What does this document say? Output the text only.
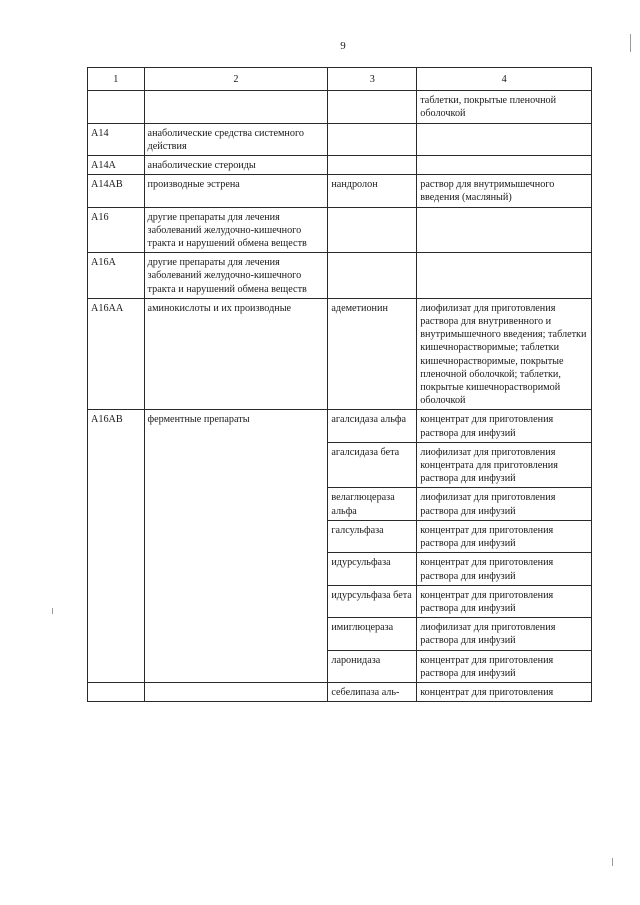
9
1	2	3	4
			таблетки, покрытые пленочной оболочкой
A14	анаболические средства системного действия		
A14A	анаболические стероиды		
A14AB	производные эстрена	нандролон	раствор для внутримышечного введения (масляный)
A16	другие препараты для лечения заболеваний желудочно-кишечного тракта и нарушений обмена веществ		
A16A	другие препараты для лечения заболеваний желудочно-кишечного тракта и нарушений обмена веществ		
A16AA	аминокислоты и их производные	адеметионин	лиофилизат для приготовления раствора для внутривенного и внутримышечного введения; таблетки кишечнорастворимые; таблетки кишечнорастворимые, покрытые пленочной оболочкой; таблетки, покрытые кишечнорастворимой оболочкой
A16AB	ферментные препараты	агалсидаза альфа	концентрат для приготовления раствора для инфузий
		агалсидаза бета	лиофилизат для приготовления концентрата для приготовления раствора для инфузий
		велаглюцераза альфа	лиофилизат для приготовления раствора для инфузий
		галсульфаза	концентрат для приготовления раствора для инфузий
		идурсульфаза	концентрат для приготовления раствора для инфузий
		идурсульфаза бета	концентрат для приготовления раствора для инфузий
		имиглюцераза	лиофилизат для приготовления раствора для инфузий
		ларонидаза	концентрат для приготовления раствора для инфузий
		себелипаза аль-	концентрат для приготовления
